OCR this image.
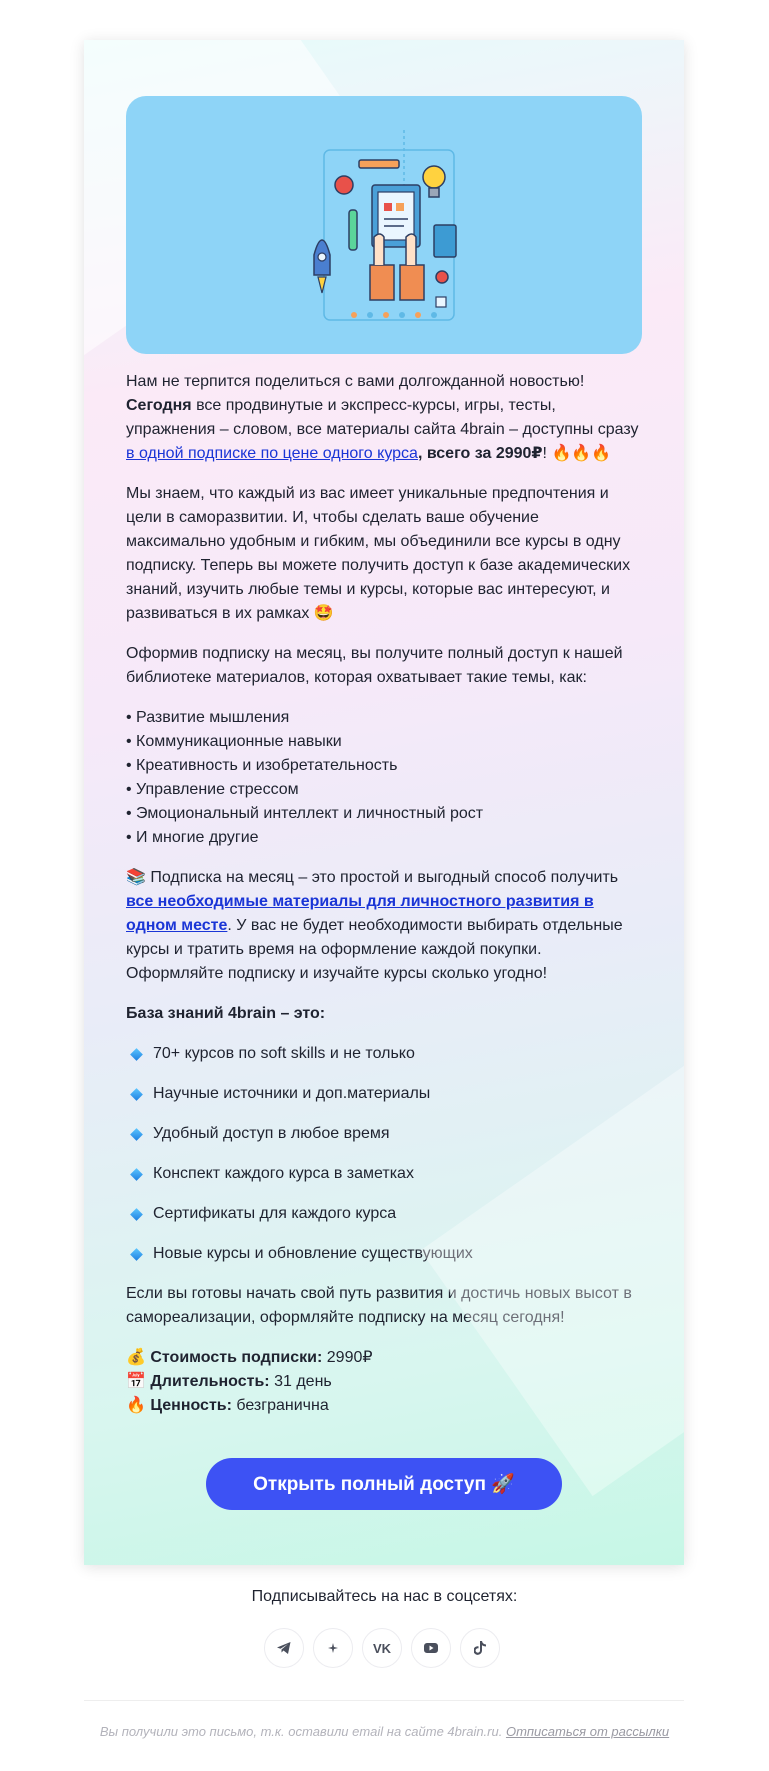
Нам не терпится поделиться с вами долгожданной новостью!
Сегодня все продвинутые и экспресс-курсы, игры, тесты, упражнения – словом, все материалы сайта 4brain – доступны сразу в одной подписке по цене одного курса, всего за 2990₽! 🔥🔥🔥

Мы знаем, что каждый из вас имеет уникальные предпочтения и цели в саморазвитии. И, чтобы сделать ваше обучение максимально удобным и гибким, мы объединили все курсы в одну подписку. Теперь вы можете получить доступ к базе академических знаний, изучить любые темы и курсы, которые вас интересуют, и развиваться в их рамках 🤩

Оформив подписку на месяц, вы получите полный доступ к нашей библиотеке материалов, которая охватывает такие темы, как:

• Развитие мышления
• Коммуникационные навыки
• Креативность и изобретательность
• Управление стрессом
• Эмоциональный интеллект и личностный рост
• И многие другие

📚 Подписка на месяц – это простой и выгодный способ получить все необходимые материалы для личностного развития в одном месте. У вас не будет необходимости выбирать отдельные курсы и тратить время на оформление каждой покупки. Оформляйте подписку и изучайте курсы сколько угодно!

База знаний 4brain – это:

70+ курсов по soft skills и не только
Научные источники и доп.материалы
Удобный доступ в любое время
Конспект каждого курса в заметках
Сертификаты для каждого курса
Новые курсы и обновление существующих

Если вы готовы начать свой путь развития и достичь новых высот в самореализации, оформляйте подписку на месяц сегодня!

💰 Стоимость подписки: 2990₽
📅 Длительность: 31 день
🔥 Ценность: безгранична
Открыть полный доступ 🚀
Подписывайтесь на нас в соцсетях:
VK
Вы получили это письмо, т.к. оставили email на сайте 4brain.ru. Отписаться от рассылки
